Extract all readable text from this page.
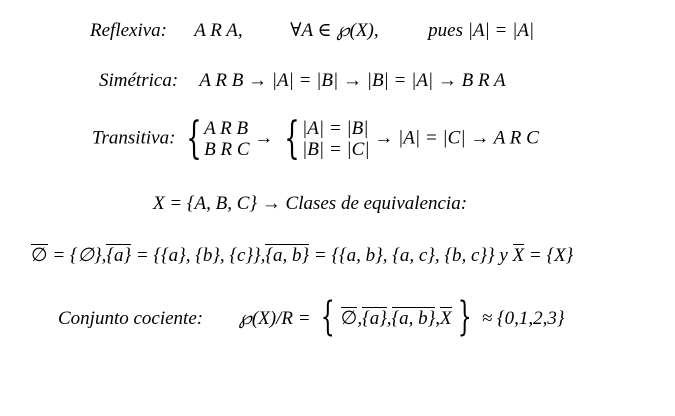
Reflexiva: A R A,	∀A ∈ ℘(X),	pues |A| = |A|
Simétrica: A R B → |A| = |B| → |B| = |A| → B R A
Transitiva: { A R B
B R C
→ { |A| = |B|
|B| = |C|
→ |A| = |C| → A R C
X = {A, B, C} → Clases de equivalencia:
∅ = {∅},{a} = {{a}, {b}, {c}},{a, b} = {{a, b}, {a, c}, {b, c}} y X = {X}
Conjunto cociente: ℘(X)/R = { ∅,{a},{a, b},X } ≈ {0,1,2,3}
